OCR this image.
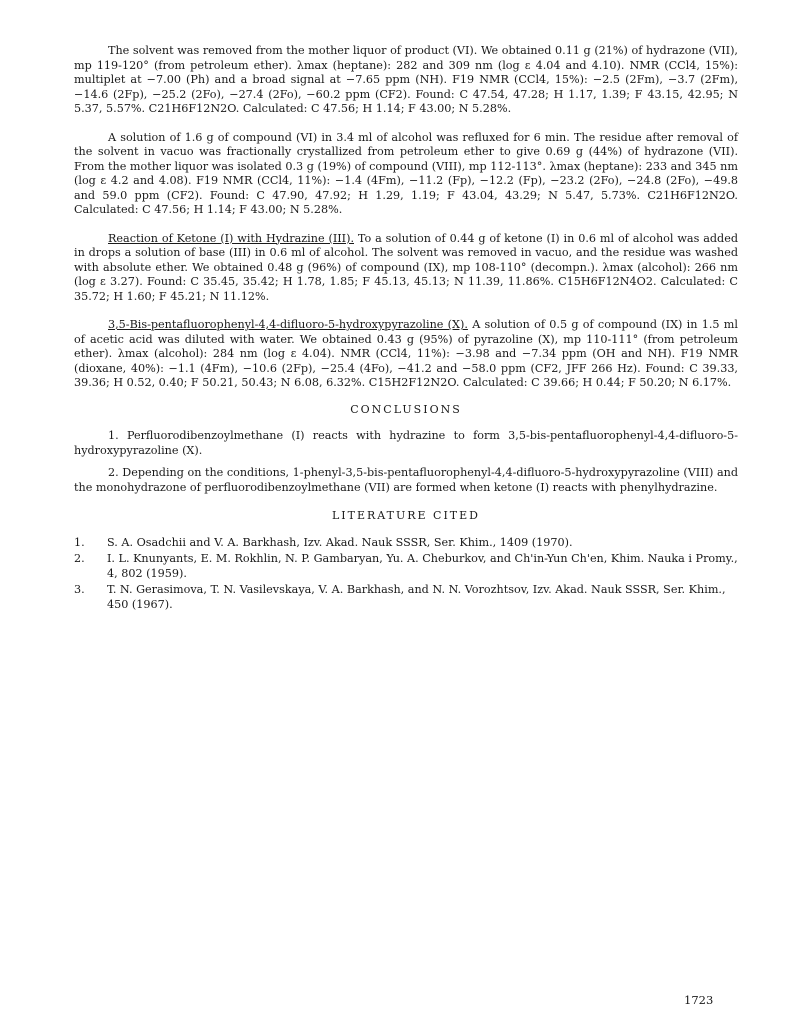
The solvent was removed from the mother liquor of product (VI). We obtained 0.11 g (21%) of hydrazone (VII), mp 119-120° (from petroleum ether). λmax (heptane): 282 and 309 nm (log ε 4.04 and 4.10). NMR (CCl4, 15%): multiplet at −7.00 (Ph) and a broad signal at −7.65 ppm (NH). F19 NMR (CCl4, 15%): −2.5 (2Fm), −3.7 (2Fm), −14.6 (2Fp), −25.2 (2Fo), −27.4 (2Fo), −60.2 ppm (CF2). Found: C 47.54, 47.28; H 1.17, 1.39; F 43.15, 42.95; N 5.37, 5.57%. C21H6F12N2O. Calculated: C 47.56; H 1.14; F 43.00; N 5.28%.

A solution of 1.6 g of compound (VI) in 3.4 ml of alcohol was refluxed for 6 min. The residue after removal of the solvent in vacuo was fractionally crystallized from petroleum ether to give 0.69 g (44%) of hydrazone (VII). From the mother liquor was isolated 0.3 g (19%) of compound (VIII), mp 112-113°. λmax (heptane): 233 and 345 nm (log ε 4.2 and 4.08). F19 NMR (CCl4, 11%): −1.4 (4Fm), −11.2 (Fp), −12.2 (Fp), −23.2 (2Fo), −24.8 (2Fo), −49.8 and 59.0 ppm (CF2). Found: C 47.90, 47.92; H 1.29, 1.19; F 43.04, 43.29; N 5.47, 5.73%. C21H6F12N2O. Calculated: C 47.56; H 1.14; F 43.00; N 5.28%.

Reaction of Ketone (I) with Hydrazine (III). To a solution of 0.44 g of ketone (I) in 0.6 ml of alcohol was added in drops a solution of base (III) in 0.6 ml of alcohol. The solvent was removed in vacuo, and the residue was washed with absolute ether. We obtained 0.48 g (96%) of compound (IX), mp 108-110° (decompn.). λmax (alcohol): 266 nm (log ε 3.27). Found: C 35.45, 35.42; H 1.78, 1.85; F 45.13, 45.13; N 11.39, 11.86%. C15H6F12N4O2. Calculated: C 35.72; H 1.60; F 45.21; N 11.12%.

3,5-Bis-pentafluorophenyl-4,4-difluoro-5-hydroxypyrazoline (X). A solution of 0.5 g of compound (IX) in 1.5 ml of acetic acid was diluted with water. We obtained 0.43 g (95%) of pyrazoline (X), mp 110-111° (from petroleum ether). λmax (alcohol): 284 nm (log ε 4.04). NMR (CCl4, 11%): −3.98 and −7.34 ppm (OH and NH). F19 NMR (dioxane, 40%): −1.1 (4Fm), −10.6 (2Fp), −25.4 (4Fo), −41.2 and −58.0 ppm (CF2, JFF 266 Hz). Found: C 39.33, 39.36; H 0.52, 0.40; F 50.21, 50.43; N 6.08, 6.32%. C15H2F12N2O. Calculated: C 39.66; H 0.44; F 50.20; N 6.17%.

CONCLUSIONS

1. Perfluorodibenzoylmethane (I) reacts with hydrazine to form 3,5-bis-pentafluorophenyl-4,4-difluoro-5-hydroxypyrazoline (X).

2. Depending on the conditions, 1-phenyl-3,5-bis-pentafluorophenyl-4,4-difluoro-5-hydroxypyrazoline (VIII) and the monohydrazone of perfluorodibenzoylmethane (VII) are formed when ketone (I) reacts with phenylhydrazine.

LITERATURE CITED
1.	S. A. Osadchii and V. A. Barkhash, Izv. Akad. Nauk SSSR, Ser. Khim., 1409 (1970).
2.	I. L. Knunyants, E. M. Rokhlin, N. P. Gambaryan, Yu. A. Cheburkov, and Ch'in-Yun Ch'en, Khim. Nauka i Promy., 4, 802 (1959).
3.	T. N. Gerasimova, T. N. Vasilevskaya, V. A. Barkhash, and N. N. Vorozhtsov, Izv. Akad. Nauk SSSR, Ser. Khim., 450 (1967).
1723
